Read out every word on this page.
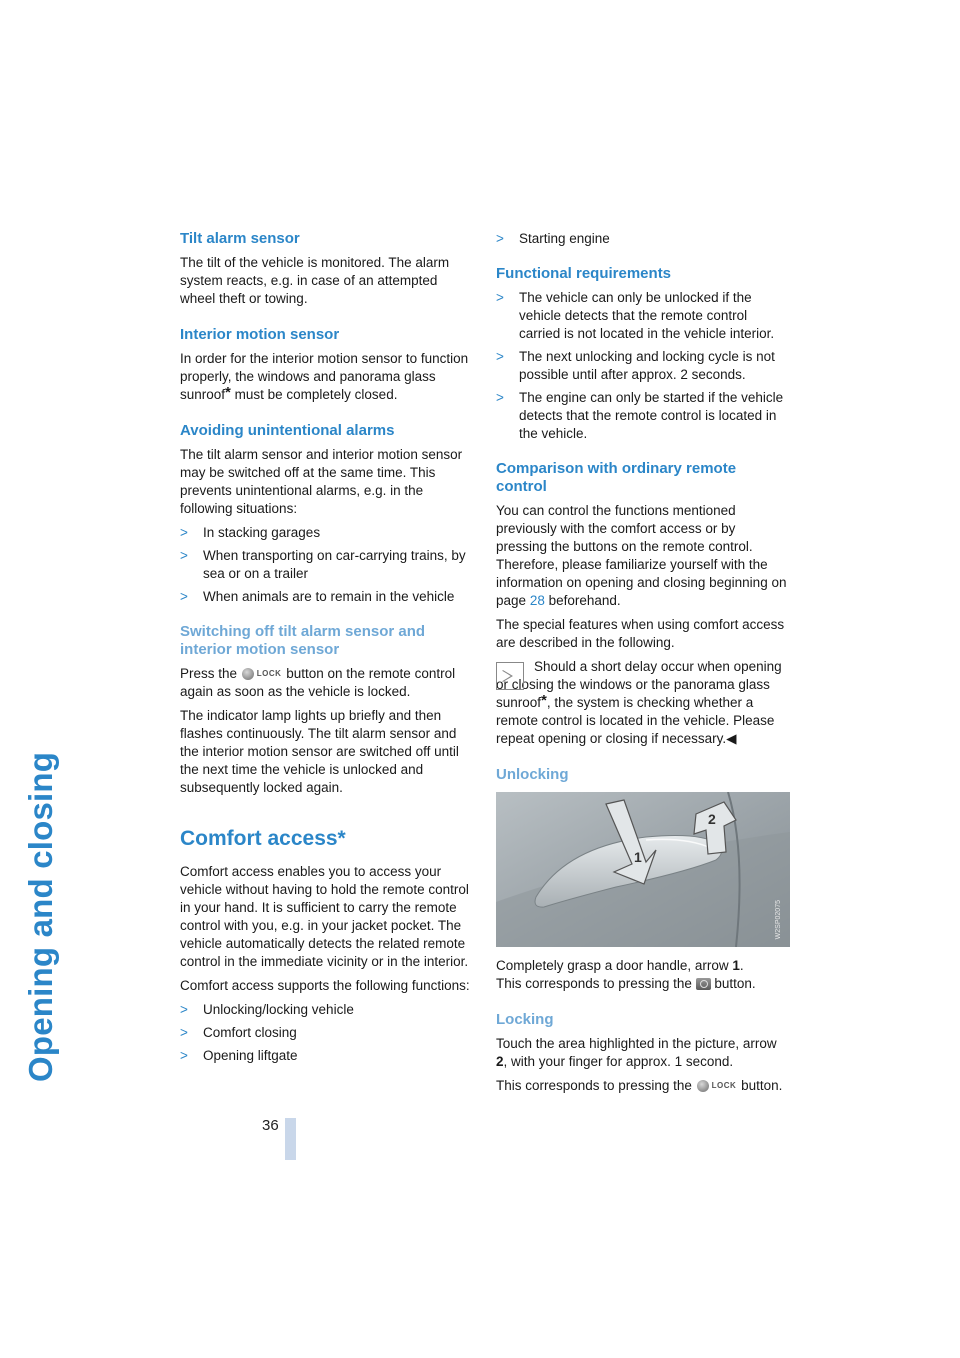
Opening and closing
Tilt alarm sensor

The tilt of the vehicle is monitored. The alarm system reacts, e.g. in case of an attempted wheel theft or towing.

Interior motion sensor

In order for the interior motion sensor to function properly, the windows and panorama glass sunroof* must be completely closed.

Avoiding unintentional alarms

The tilt alarm sensor and interior motion sensor may be switched off at the same time. This prevents unintentional alarms, e.g. in the following situations:

> In stacking garages
> When transporting on car-carrying trains, by sea or on a trailer
> When animals are to remain in the vehicle
Switching off tilt alarm sensor and interior motion sensor

Press the LOCK button on the remote control again as soon as the vehicle is locked.

The indicator lamp lights up briefly and then flashes continuously. The tilt alarm sensor and the interior motion sensor are switched off until the next time the vehicle is unlocked and subsequently locked again.

Comfort access*

Comfort access enables you to access your vehicle without having to hold the remote control in your hand. It is sufficient to carry the remote control with you, e.g. in your jacket pocket. The vehicle automatically detects the related remote control in the immediate vicinity or in the interior.

Comfort access supports the following functions:

> Unlocking/locking vehicle
> Comfort closing
> Opening liftgate
> Starting engine
Functional requirements
> The vehicle can only be unlocked if the vehicle detects that the remote control carried is not located in the vehicle interior.
> The next unlocking and locking cycle is not possible until after approx. 2 seconds.
> The engine can only be started if the vehicle detects that the remote control is located in the vehicle.
Comparison with ordinary remote control

You can control the functions mentioned previously with the comfort access or by pressing the buttons on the remote control. Therefore, please familiarize yourself with the information on opening and closing beginning on page 28 beforehand.

The special features when using comfort access are described in the following.

Should a short delay occur when opening or closing the windows or the panorama glass sunroof*, the system is checking whether a remote control is located in the vehicle. Please repeat opening or closing if necessary.◀

Unlocking
1
2
W2SP02075

Completely grasp a door handle, arrow 1.

This corresponds to pressing the button.

Locking

Touch the area highlighted in the picture, arrow 2, with your finger for approx. 1 second.

This corresponds to pressing the LOCK button.

36
